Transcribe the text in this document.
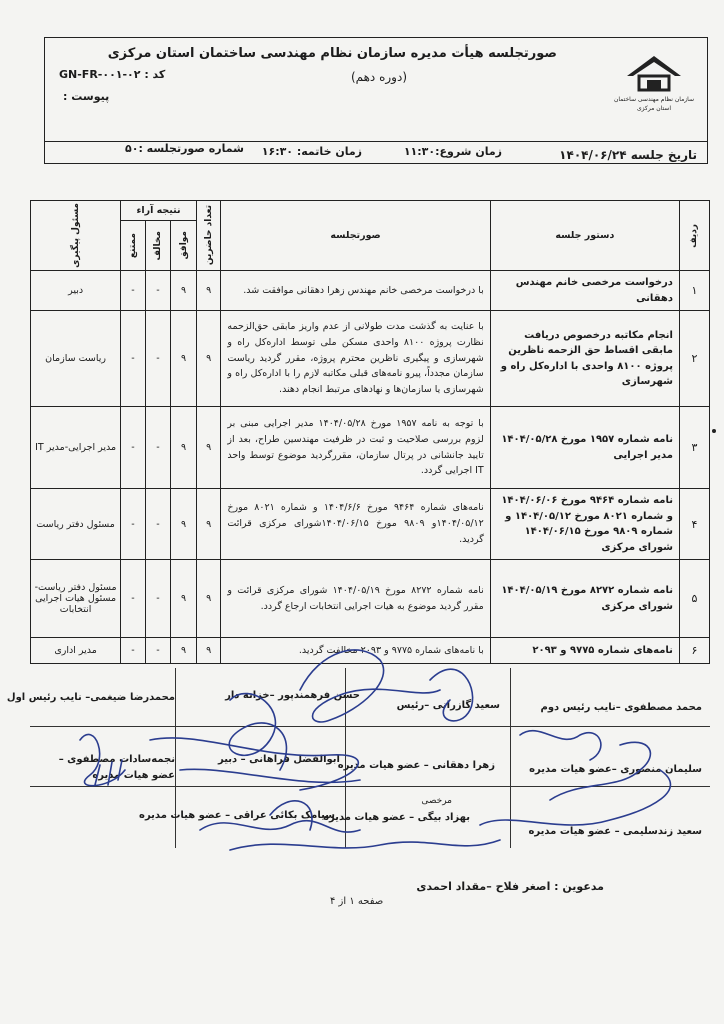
سازمان نظام مهندسی ساختمان
استان مرکزی
صورتجلسه هیأت مدیره سازمان نظام مهندسی ساختمان استان مرکزی
(دوره دهم)
GN-FR-۰۰۱-۰۲ : کد
پیوست :
تاریخ جلسه ۱۴۰۴/۰۶/۲۴
زمان شروع:۱۱:۳۰
زمان خاتمه: ۱۶:۳۰
شماره صورتجلسه :۵۰
ردیف	دستور جلسه	صورتجلسه	تعداد حاضرین	نتیجه آراء			مسئول پیگیری

				موافق	مخالف	ممتنع	

۱	درخواست مرخصی خانم مهندس دهقانی	با درخواست مرخصی خانم مهندس زهرا دهقانی موافقت شد.	۹	۹	-	-	دبیر
۲	انجام مکاتبه درخصوص دریافت مابقی اقساط حق الزحمه ناظرین پروژه ۸۱۰۰ واحدی با اداره‌کل راه و شهرسازی	با عنایت به گذشت مدت طولانی از عدم واریز مابقی حق‌الزحمه نظارت پروژه ۸۱۰۰ واحدی مسکن ملی توسط اداره‌کل راه و شهرسازی و پیگیری ناظرین محترم پروژه، مقرر گردید ریاست سازمان مجدداً، پیرو نامه‌های قبلی مکاتبه لازم را با اداره‌کل راه و شهرسازی یا سازمان‌ها و نهادهای مرتبط انجام دهند.	۹	۹	-	-	ریاست سازمان
۳	نامه شماره ۱۹۵۷ مورخ ۱۴۰۴/۰۵/۲۸ مدیر اجرایی	با توجه به نامه ۱۹۵۷ مورخ ۱۴۰۴/۰۵/۲۸ مدیر اجرایی مبنی بر لزوم بررسی صلاحیت و ثبت در ظرفیت مهندسین طراح، بعد از تایید جانشانی در پرتال سازمان، مقررگردید موضوع توسط واحد IT اجرایی گردد.	۹	۹	-	-	مدیر اجرایی-مدیر IT
۴	نامه شماره ۹۴۶۴ مورخ ۱۴۰۴/۰۶/۰۶ و شماره ۸۰۲۱ مورخ ۱۴۰۴/۰۵/۱۲ و شماره ۹۸۰۹ مورخ ۱۴۰۴/۰۶/۱۵ شورای مرکزی	نامه‌های شماره ۹۴۶۴ مورخ ۱۴۰۴/۶/۶ و شماره ۸۰۲۱ مورخ ۱۴۰۴/۰۵/۱۲و ۹۸۰۹ مورخ ۱۴۰۴/۰۶/۱۵شورای مرکزی قرائت گردید.	۹	۹	-	-	مسئول دفتر ریاست
۵	نامه شماره ۸۲۷۲ مورخ ۱۴۰۴/۰۵/۱۹ شورای مرکزی	نامه شماره ۸۲۷۲ مورخ ۱۴۰۴/۰۵/۱۹ شورای مرکزی قرائت و مقرر گردید موضوع به هیات اجرایی انتخابات ارجاع گردد.	۹	۹	-	-	مسئول دفتر ریاست- مسئول هیات اجرایی انتخابات
۶	نامه‌های شماره ۹۷۷۵ و ۲۰۹۳	با نامه‌های شماره ۹۷۷۵ و ۲۰۹۳ مخالفت گردید.	۹	۹	-	-	مدیر اداری
محمد مصطفوی –نایب رئیس دوم
سعید گازرانی –رئیس
حسن فرهمندپور –خزانه دار
محمدرضا ضیغمی– نایب رئیس اول
سلیمان منصوری –عضو هیات مدیره
زهرا دهقانی – عضو هیات مدیره
مرخصی
ابوالفضل فراهانی – دبیر
نجمه‌سادات مصطفوی – عضو هیات مدیره
سعید زندسلیمی – عضو هیات مدیره
بهزاد بیگی – عضو هیات مدیره
سیامک بکائی عراقی – عضو هیات مدیره
مدعوین : اصغر فلاح –مقداد احمدی
صفحه ۱ از ۴
